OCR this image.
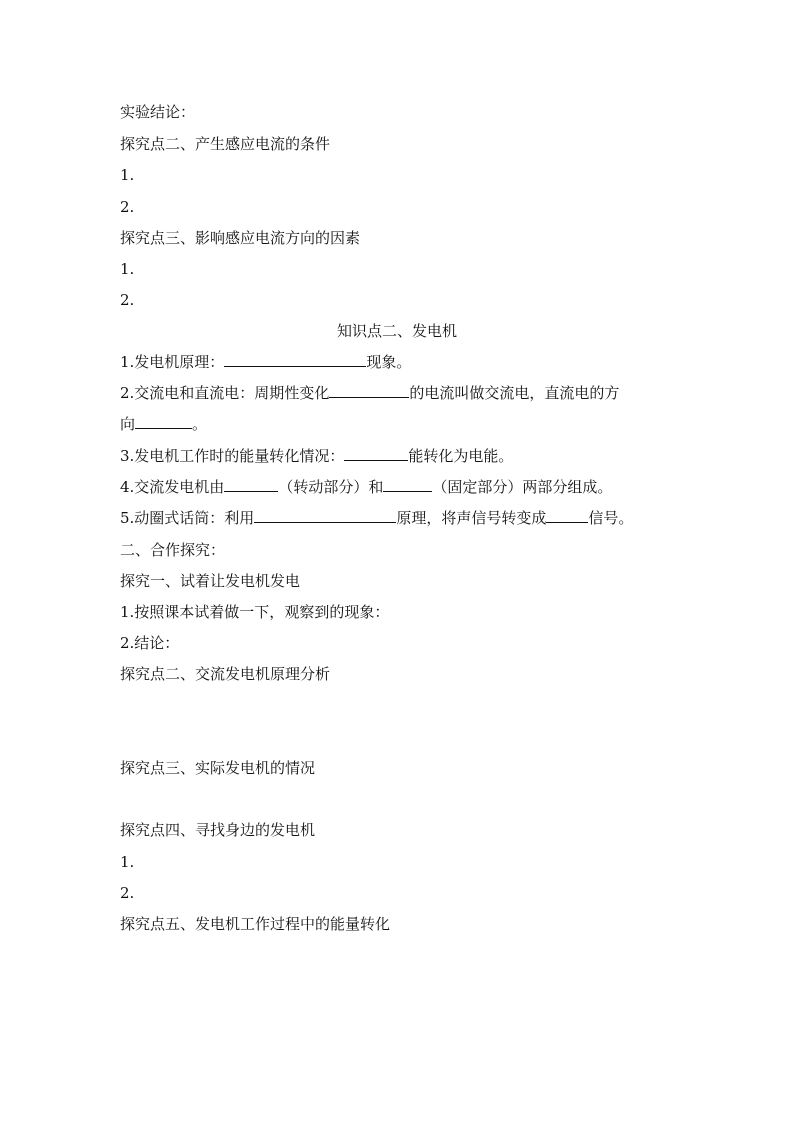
实验结论：
探究点二、产生感应电流的条件
1.
2.
探究点三、影响感应电流方向的因素
1.
2.
知识点二、发电机
1.发电机原理：	现象。
2.交流电和直流电：周期性变化	的电流叫做交流电，直流电的方
向	。
3.发电机工作时的能量转化情况：	能转化为电能。
4.交流发电机由	（转动部分）和	（固定部分）两部分组成。
5.动圈式话筒：利用	原理，将声信号转变成	信号。
二、合作探究：
探究一、试着让发电机发电
1.按照课本试着做一下，观察到的现象：
2.结论：
探究点二、交流发电机原理分析
探究点三、实际发电机的情况
探究点四、寻找身边的发电机
1.
2.
探究点五、发电机工作过程中的能量转化
